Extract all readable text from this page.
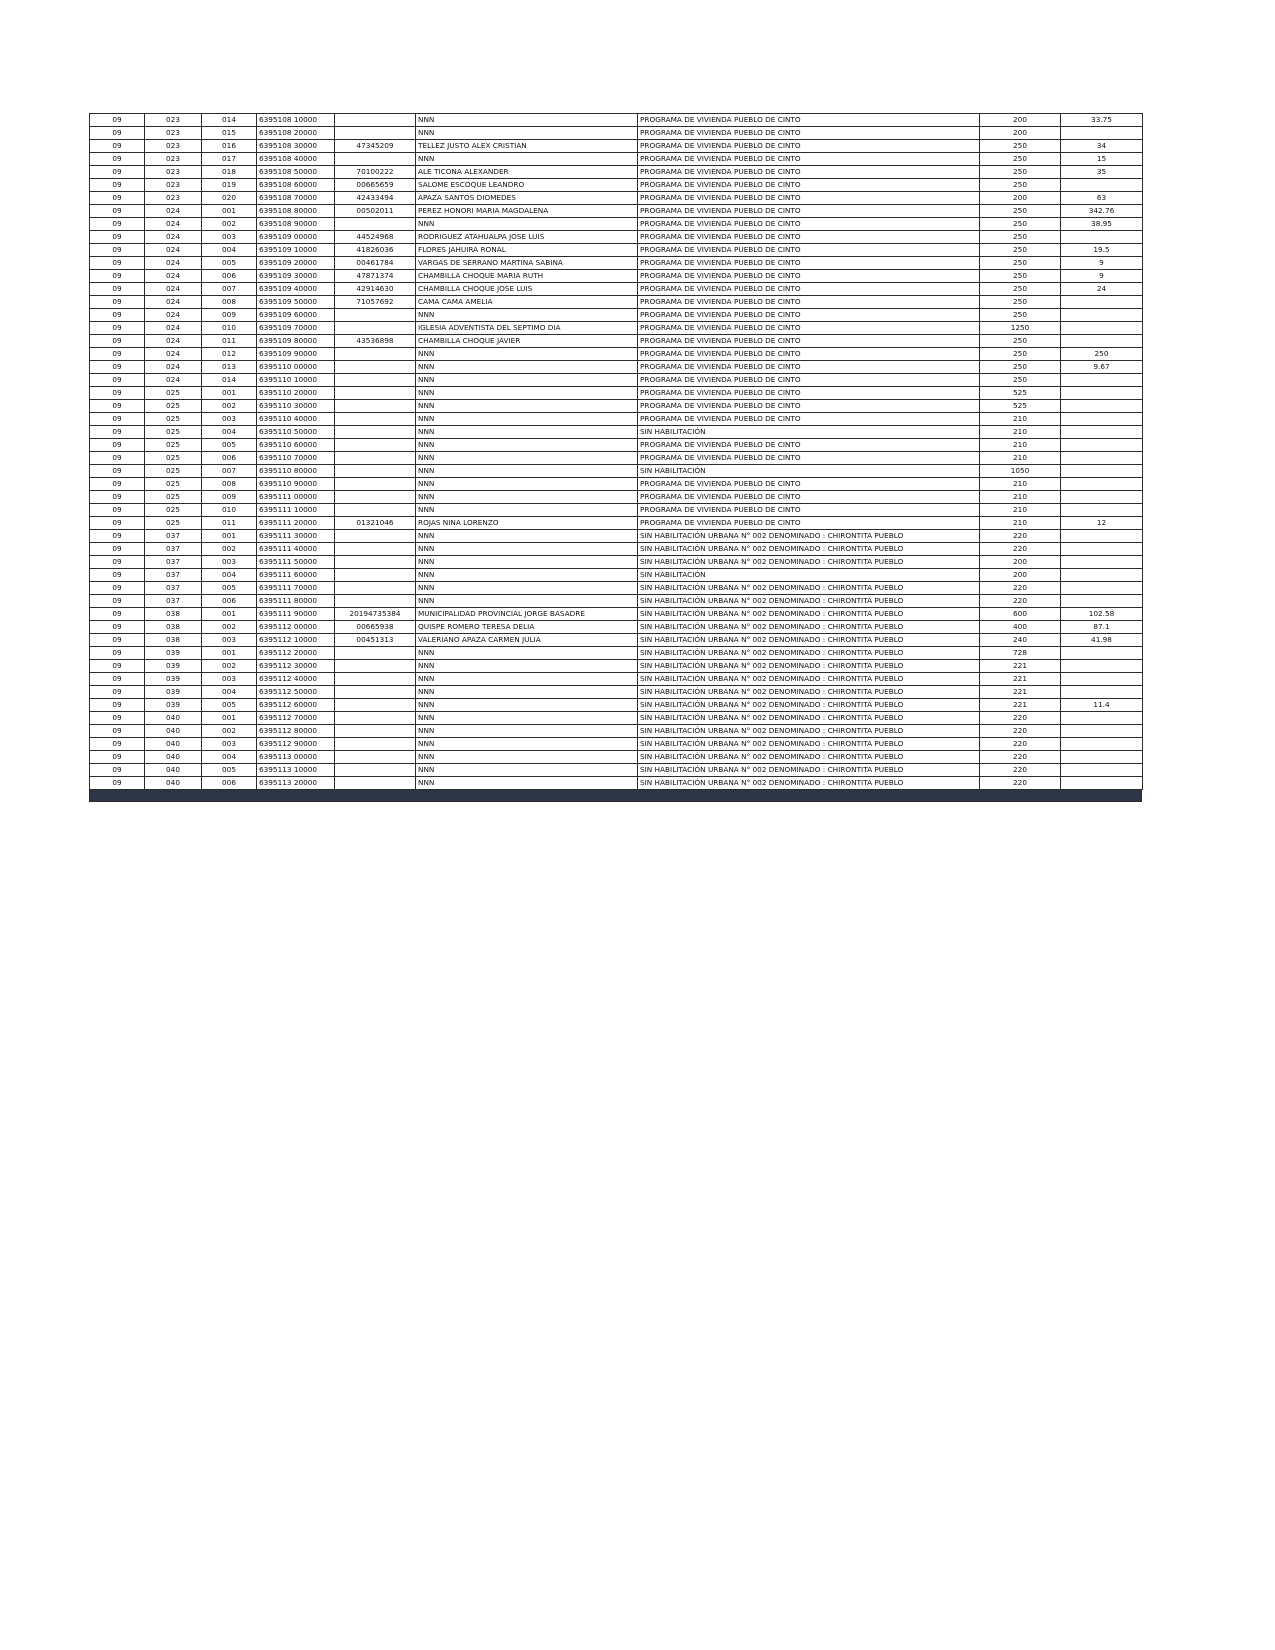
09	023	014	6395108 10000		NNN	PROGRAMA DE VIVIENDA PUEBLO DE CINTO	200	33.75
09	023	015	6395108 20000		NNN	PROGRAMA DE VIVIENDA PUEBLO DE CINTO	200	
09	023	016	6395108 30000	47345209	TELLEZ JUSTO ALEX CRISTIAN	PROGRAMA DE VIVIENDA PUEBLO DE CINTO	250	34
09	023	017	6395108 40000		NNN	PROGRAMA DE VIVIENDA PUEBLO DE CINTO	250	15
09	023	018	6395108 50000	70100222	ALE TICONA ALEXANDER	PROGRAMA DE VIVIENDA PUEBLO DE CINTO	250	35
09	023	019	6395108 60000	00665659	SALOME ESCOQUE LEANDRO	PROGRAMA DE VIVIENDA PUEBLO DE CINTO	250	
09	023	020	6395108 70000	42433494	APAZA SANTOS DIOMEDES	PROGRAMA DE VIVIENDA PUEBLO DE CINTO	200	63
09	024	001	6395108 80000	00502011	PEREZ HONORI MARIA MAGDALENA	PROGRAMA DE VIVIENDA PUEBLO DE CINTO	250	342.76
09	024	002	6395108 90000		NNN	PROGRAMA DE VIVIENDA PUEBLO DE CINTO	250	38.95
09	024	003	6395109 00000	44524968	RODRIGUEZ ATAHUALPA JOSE LUIS	PROGRAMA DE VIVIENDA PUEBLO DE CINTO	250	
09	024	004	6395109 10000	41826036	FLORES JAHUIRA RONAL	PROGRAMA DE VIVIENDA PUEBLO DE CINTO	250	19.5
09	024	005	6395109 20000	00461784	VARGAS DE SERRANO MARTINA SABINA	PROGRAMA DE VIVIENDA PUEBLO DE CINTO	250	9
09	024	006	6395109 30000	47871374	CHAMBILLA CHOQUE MARIA RUTH	PROGRAMA DE VIVIENDA PUEBLO DE CINTO	250	9
09	024	007	6395109 40000	42914630	CHAMBILLA CHOQUE JOSE LUIS	PROGRAMA DE VIVIENDA PUEBLO DE CINTO	250	24
09	024	008	6395109 50000	71057692	CAMA CAMA AMELIA	PROGRAMA DE VIVIENDA PUEBLO DE CINTO	250	
09	024	009	6395109 60000		NNN	PROGRAMA DE VIVIENDA PUEBLO DE CINTO	250	
09	024	010	6395109 70000		IGLESIA ADVENTISTA DEL SEPTIMO DIA	PROGRAMA DE VIVIENDA PUEBLO DE CINTO	1250	
09	024	011	6395109 80000	43536898	CHAMBILLA CHOQUE JAVIER	PROGRAMA DE VIVIENDA PUEBLO DE CINTO	250	
09	024	012	6395109 90000		NNN	PROGRAMA DE VIVIENDA PUEBLO DE CINTO	250	250
09	024	013	6395110 00000		NNN	PROGRAMA DE VIVIENDA PUEBLO DE CINTO	250	9.67
09	024	014	6395110 10000		NNN	PROGRAMA DE VIVIENDA PUEBLO DE CINTO	250	
09	025	001	6395110 20000		NNN	PROGRAMA DE VIVIENDA PUEBLO DE CINTO	525	
09	025	002	6395110 30000		NNN	PROGRAMA DE VIVIENDA PUEBLO DE CINTO	525	
09	025	003	6395110 40000		NNN	PROGRAMA DE VIVIENDA PUEBLO DE CINTO	210	
09	025	004	6395110 50000		NNN	SIN HABILITACIÓN	210	
09	025	005	6395110 60000		NNN	PROGRAMA DE VIVIENDA PUEBLO DE CINTO	210	
09	025	006	6395110 70000		NNN	PROGRAMA DE VIVIENDA PUEBLO DE CINTO	210	
09	025	007	6395110 80000		NNN	SIN HABILITACIÓN	1050	
09	025	008	6395110 90000		NNN	PROGRAMA DE VIVIENDA PUEBLO DE CINTO	210	
09	025	009	6395111 00000		NNN	PROGRAMA DE VIVIENDA PUEBLO DE CINTO	210	
09	025	010	6395111 10000		NNN	PROGRAMA DE VIVIENDA PUEBLO DE CINTO	210	
09	025	011	6395111 20000	01321046	ROJAS NINA LORENZO	PROGRAMA DE VIVIENDA PUEBLO DE CINTO	210	12
09	037	001	6395111 30000		NNN	SIN HABILITACIÓN URBANA N° 002 DENOMINADO : CHIRONTITA PUEBLO	220	
09	037	002	6395111 40000		NNN	SIN HABILITACIÓN URBANA N° 002 DENOMINADO : CHIRONTITA PUEBLO	220	
09	037	003	6395111 50000		NNN	SIN HABILITACIÓN URBANA N° 002 DENOMINADO : CHIRONTITA PUEBLO	200	
09	037	004	6395111 60000		NNN	SIN HABILITACIÓN	200	
09	037	005	6395111 70000		NNN	SIN HABILITACIÓN URBANA N° 002 DENOMINADO : CHIRONTITA PUEBLO	220	
09	037	006	6395111 80000		NNN	SIN HABILITACIÓN URBANA N° 002 DENOMINADO : CHIRONTITA PUEBLO	220	
09	038	001	6395111 90000	20194735384	MUNICIPALIDAD PROVINCIAL JORGE BASADRE	SIN HABILITACIÓN URBANA N° 002 DENOMINADO : CHIRONTITA PUEBLO	600	102.58
09	038	002	6395112 00000	00665938	QUISPE ROMERO TERESA DELIA	SIN HABILITACIÓN URBANA N° 002 DENOMINADO : CHIRONTITA PUEBLO	400	87.1
09	038	003	6395112 10000	00451313	VALERIANO APAZA CARMEN JULIA	SIN HABILITACIÓN URBANA N° 002 DENOMINADO : CHIRONTITA PUEBLO	240	41.98
09	039	001	6395112 20000		NNN	SIN HABILITACIÓN URBANA N° 002 DENOMINADO : CHIRONTITA PUEBLO	728	
09	039	002	6395112 30000		NNN	SIN HABILITACIÓN URBANA N° 002 DENOMINADO : CHIRONTITA PUEBLO	221	
09	039	003	6395112 40000		NNN	SIN HABILITACIÓN URBANA N° 002 DENOMINADO : CHIRONTITA PUEBLO	221	
09	039	004	6395112 50000		NNN	SIN HABILITACIÓN URBANA N° 002 DENOMINADO : CHIRONTITA PUEBLO	221	
09	039	005	6395112 60000		NNN	SIN HABILITACIÓN URBANA N° 002 DENOMINADO : CHIRONTITA PUEBLO	221	11.4
09	040	001	6395112 70000		NNN	SIN HABILITACIÓN URBANA N° 002 DENOMINADO : CHIRONTITA PUEBLO	220	
09	040	002	6395112 80000		NNN	SIN HABILITACIÓN URBANA N° 002 DENOMINADO : CHIRONTITA PUEBLO	220	
09	040	003	6395112 90000		NNN	SIN HABILITACIÓN URBANA N° 002 DENOMINADO : CHIRONTITA PUEBLO	220	
09	040	004	6395113 00000		NNN	SIN HABILITACIÓN URBANA N° 002 DENOMINADO : CHIRONTITA PUEBLO	220	
09	040	005	6395113 10000		NNN	SIN HABILITACIÓN URBANA N° 002 DENOMINADO : CHIRONTITA PUEBLO	220	
09	040	006	6395113 20000		NNN	SIN HABILITACIÓN URBANA N° 002 DENOMINADO : CHIRONTITA PUEBLO	220	
